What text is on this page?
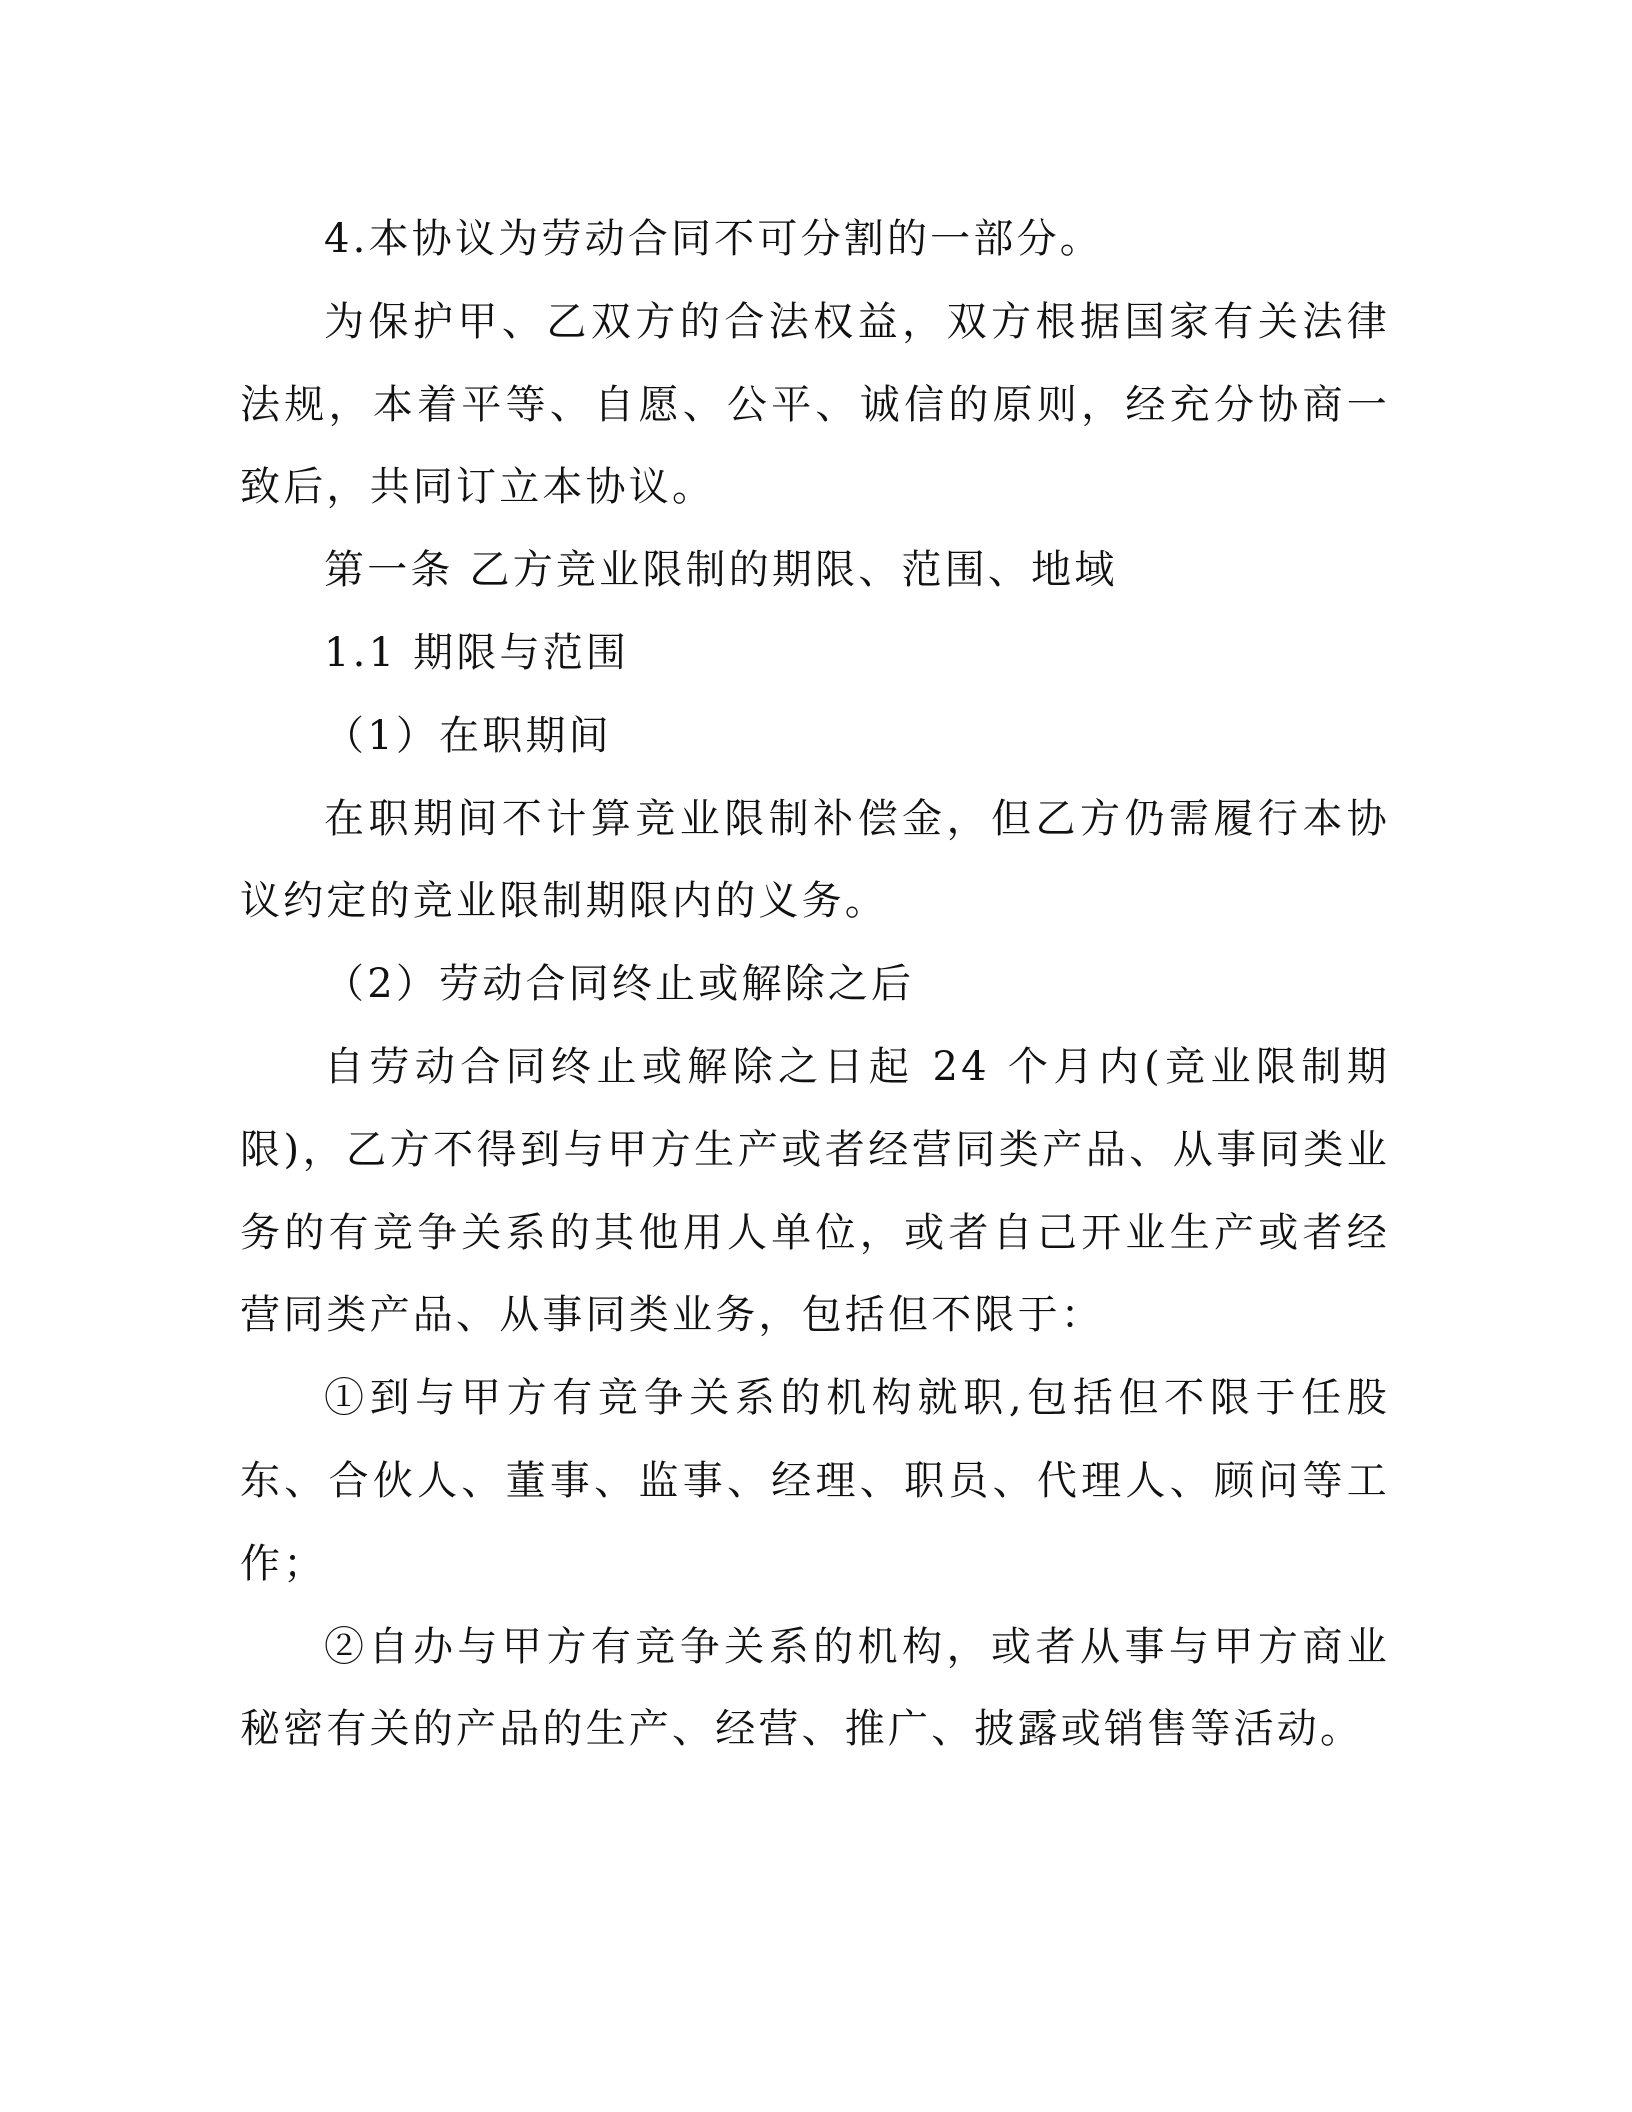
4.本协议为劳动合同不可分割的一部分。

为保护甲、乙双方的合法权益，双方根据国家有关法律法规，本着平等、自愿、公平、诚信的原则，经充分协商一致后，共同订立本协议。

第一条 乙方竞业限制的期限、范围、地域

1.1 期限与范围

（1）在职期间

在职期间不计算竞业限制补偿金，但乙方仍需履行本协议约定的竞业限制期限内的义务。

（2）劳动合同终止或解除之后

自劳动合同终止或解除之日起 24 个月内(竞业限制期限)，乙方不得到与甲方生产或者经营同类产品、从事同类业务的有竞争关系的其他用人单位，或者自己开业生产或者经营同类产品、从事同类业务，包括但不限于：

①到与甲方有竞争关系的机构就职,包括但不限于任股东、合伙人、董事、监事、经理、职员、代理人、顾问等工作；

②自办与甲方有竞争关系的机构，或者从事与甲方商业秘密有关的产品的生产、经营、推广、披露或销售等活动。
